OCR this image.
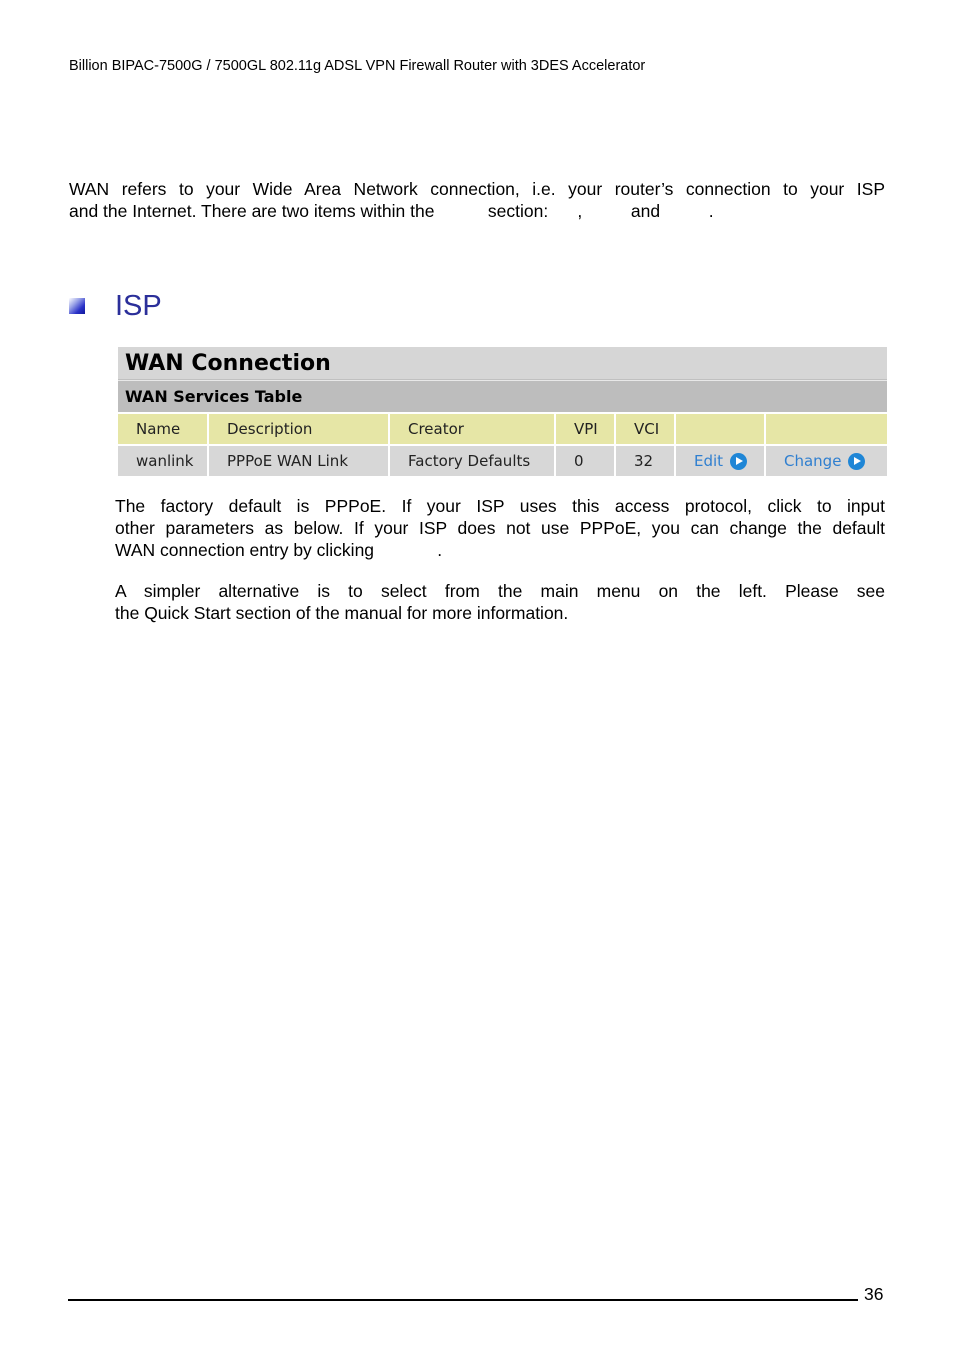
Billion BIPAC-7500G / 7500GL 802.11g ADSL VPN Firewall Router with 3DES Accelerator
WAN refers to your Wide Area Network connection, i.e. your router’s connection to your ISP
and the Internet. There are two items within the           section:      ,          and          .
ISP
WAN Connection
WAN Services Table
Name	Description	Creator	VPI	VCI		
wanlink	PPPoE WAN Link	Factory Defaults	0	32	Edit	Change
The factory default is PPPoE. If your ISP uses this access protocol, click to input
other parameters as below. If your ISP does not use PPPoE, you can change the default
WAN connection entry by clicking             .
A simpler alternative is to select from the main menu on the left. Please see
the Quick Start section of the manual for more information.
36
